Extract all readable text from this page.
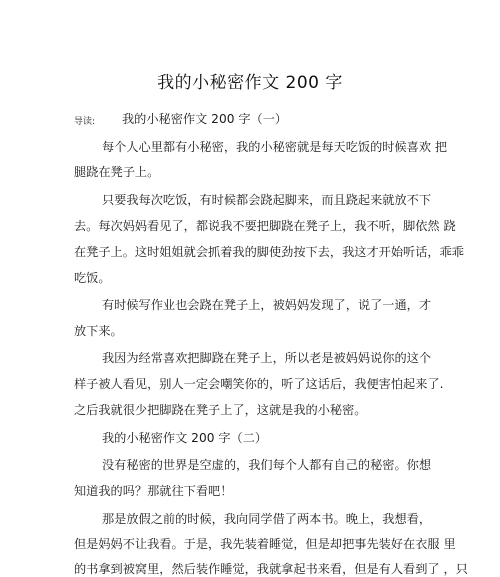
我的小秘密作文 200 字
导读: 我的小秘密作文 200 字（一）
每个人心里都有小秘密，我的小秘密就是每天吃饭的时候喜欢 把
腿跷在凳子上。
只要我每次吃饭，有时候都会跷起脚来，而且跷起来就放不下
去。每次妈妈看见了，都说我不要把脚跷在凳子上，我不听，脚依然 跷
在凳子上。这时姐姐就会抓着我的脚使劲按下去，我这才开始听话，乖乖
吃饭。
有时候写作业也会跷在凳子上，被妈妈发现了，说了一通，才
放下来。
我因为经常喜欢把脚跷在凳子上，所以老是被妈妈说你的这个
样子被人看见，别人一定会嘲笑你的，听了这话后，我便害怕起来了.
之后我就很少把脚跷在凳子上了，这就是我的小秘密。
我的小秘密作文 200 字（二）
没有秘密的世界是空虚的，我们每个人都有自己的秘密。你想
知道我的吗？那就往下看吧！
那是放假之前的时候，我向同学借了两本书。晚上，我想看，
但是妈妈不让我看。于是，我先装着睡觉，但是却把事先装好在衣服 里
的书拿到被窝里，然后装作睡觉，我就拿起书来看，但是有人看到了 ，只
